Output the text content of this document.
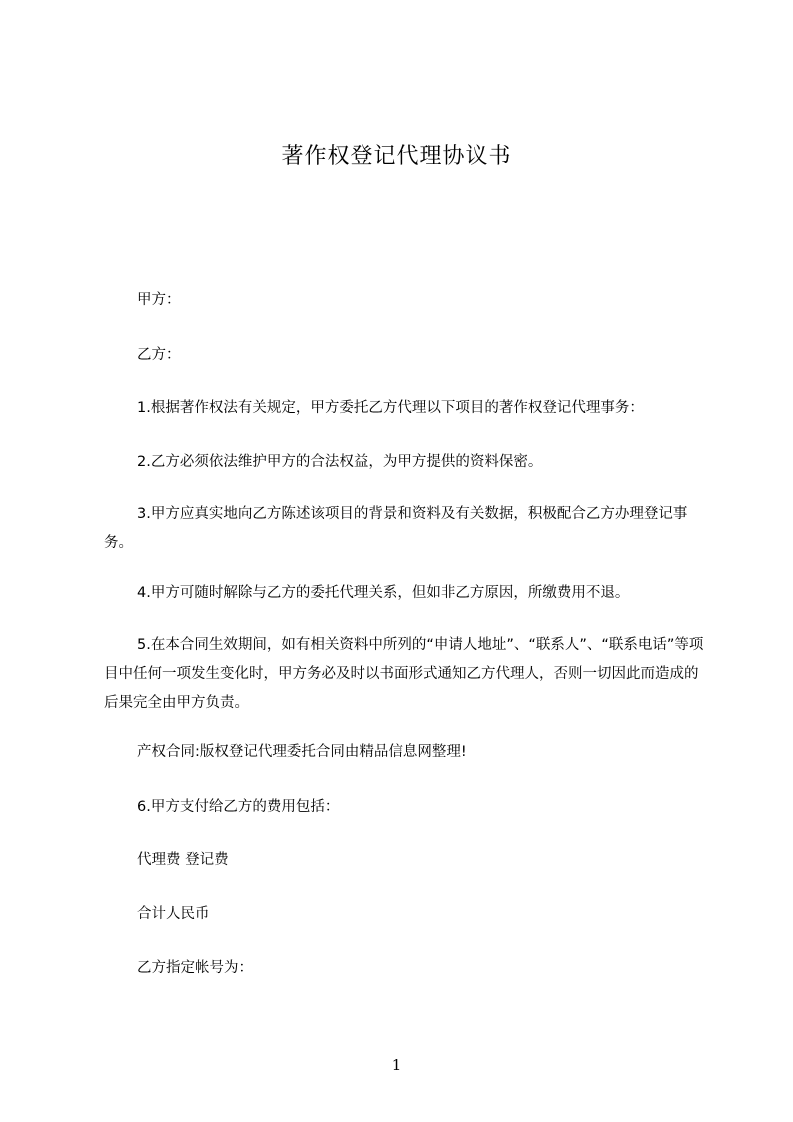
著作权登记代理协议书

甲方：

乙方：

1.根据著作权法有关规定，甲方委托乙方代理以下项目的著作权登记代理事务：

2.乙方必须依法维护甲方的合法权益，为甲方提供的资料保密。

3.甲方应真实地向乙方陈述该项目的背景和资料及有关数据，积极配合乙方办理登记事务。

4.甲方可随时解除与乙方的委托代理关系，但如非乙方原因，所缴费用不退。

5.在本合同生效期间，如有相关资料中所列的“申请人地址”、“联系人”、“联系电话”等项目中任何一项发生变化时，甲方务必及时以书面形式通知乙方代理人，否则一切因此而造成的后果完全由甲方负责。

产权合同:版权登记代理委托合同由精品信息网整理!

6.甲方支付给乙方的费用包括：

代理费 登记费

合计人民币

乙方指定帐号为：

1
